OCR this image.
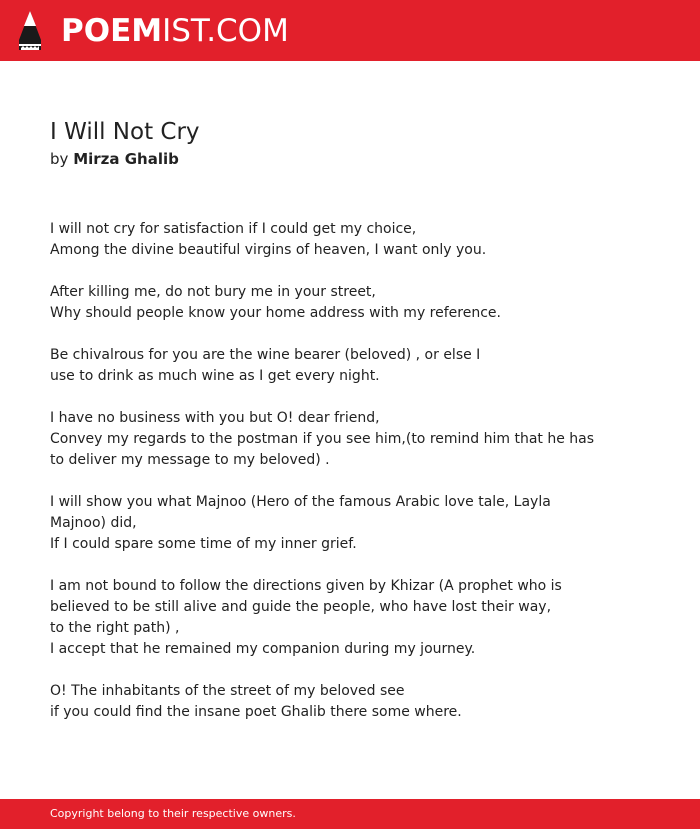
POEMIST.COM
I Will Not Cry
by Mirza Ghalib
I will not cry for satisfaction if I could get my choice,
Among the divine beautiful virgins of heaven, I want only you.
After killing me, do not bury me in your street,
Why should people know your home address with my reference.
Be chivalrous for you are the wine bearer (beloved) , or else I
use to drink as much wine as I get every night.
I have no business with you but O! dear friend,
Convey my regards to the postman if you see him,(to remind him that he has
to deliver my message to my beloved) .
I will show you what Majnoo (Hero of the famous Arabic love tale, Layla
Majnoo) did,
If I could spare some time of my inner grief.
I am not bound to follow the directions given by Khizar (A prophet who is
believed to be still alive and guide the people, who have lost their way,
to the right path) ,
I accept that he remained my companion during my journey.
O! The inhabitants of the street of my beloved see
if you could find the insane poet Ghalib there some where.
Copyright belong to their respective owners.
